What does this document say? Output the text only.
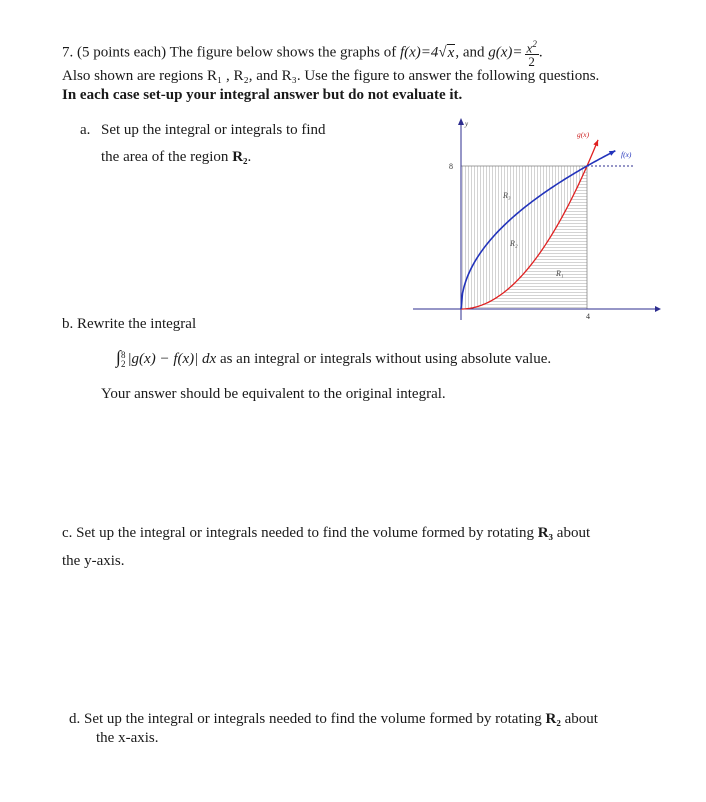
7. (5 points each) The figure below shows the graphs of f(x)=4√x, and $g(x)= \frac{x^2}{2}$ .
Also shown are regions R₁ , R₂, and R₃. Use the figure to answer the following questions.
In each case set-up your integral answer but do not evaluate it.
a. Set up the integral or integrals to find
the area of the region R₂.
y
8
4
g(x)
f(x)
R₃
R₂
R₁
b. Rewrite the integral
∫ 8
2 |g(x) − f(x)| dx as an integral or integrals without using absolute value.
Your answer should be equivalent to the original integral.
c. Set up the integral or integrals needed to find the volume formed by rotating R₃ about
the y-axis.
d. Set up the integral or integrals needed to find the volume formed by rotating R₂ about
the x-axis.
